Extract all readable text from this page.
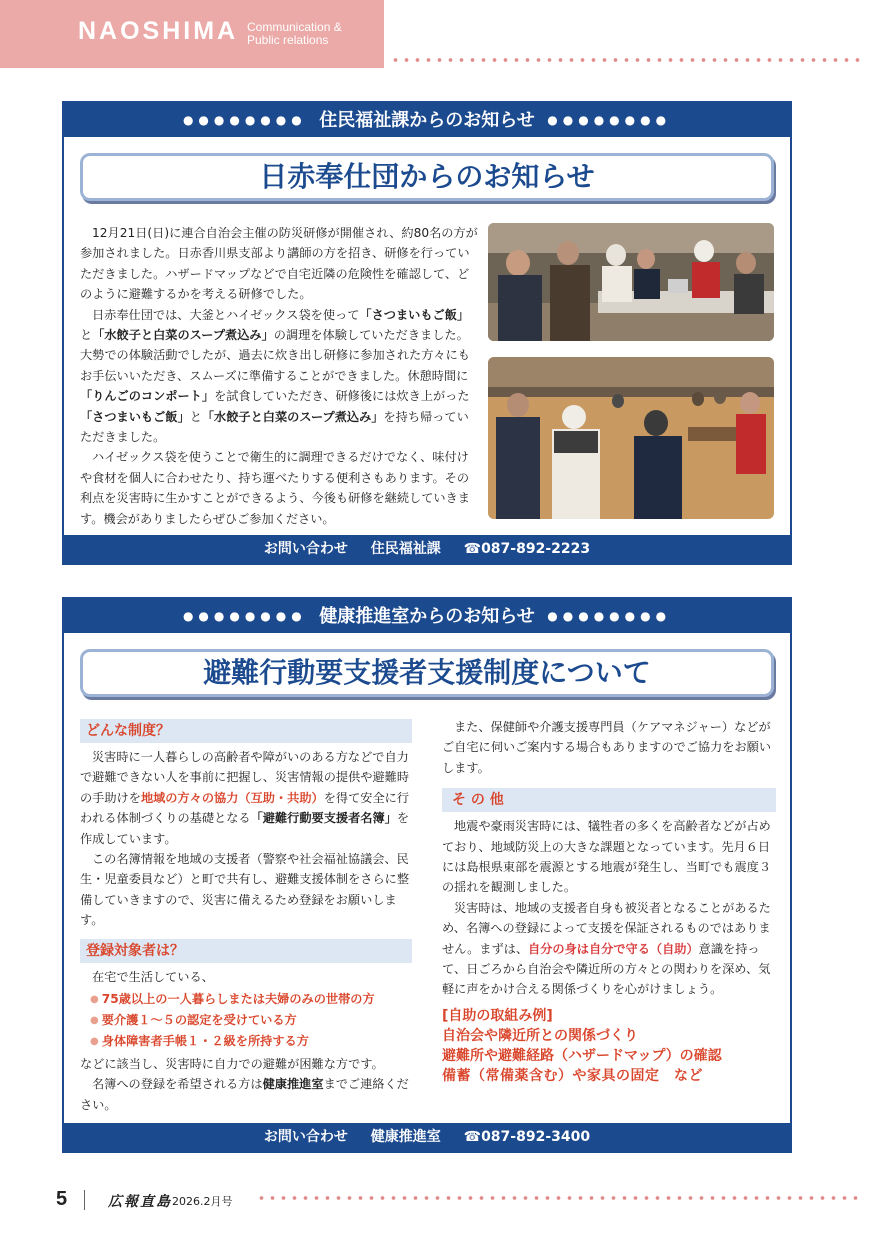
NAOSHIMA Communication &
Public relations
●●●●●●●● 住民福祉課からのお知らせ ●●●●●●●●
日赤奉仕団からのお知らせ

12月21日(日)に連合自治会主催の防災研修が開催され、約80名の方が参加されました。日赤香川県支部より講師の方を招き、研修を行っていただきました。ハザードマップなどで自宅近隣の危険性を確認して、どのように避難するかを考える研修でした。

日赤奉仕団では、大釜とハイゼックス袋を使って「さつまいもご飯」と「水餃子と白菜のスープ煮込み」の調理を体験していただきました。大勢での体験活動でしたが、過去に炊き出し研修に参加された方々にもお手伝いいただき、スムーズに準備することができました。休憩時間に「りんごのコンポート」を試食していただき、研修後には炊き上がった「さつまいもご飯」と「水餃子と白菜のスープ煮込み」を持ち帰っていただきました。

ハイゼックス袋を使うことで衛生的に調理できるだけでなく、味付けや食材を個人に合わせたり、持ち運べたりする便利さもあります。その利点を災害時に生かすことができるよう、今後も研修を継続していきます。機会がありましたらぜひご参加ください。

お問い合わせ 住民福祉課 ☎087-892-2223
●●●●●●●● 健康推進室からのお知らせ ●●●●●●●●
避難行動要支援者支援制度について
どんな制度？

災害時に一人暮らしの高齢者や障がいのある方などで自力で避難できない人を事前に把握し、災害情報の提供や避難時の手助けを地域の方々の協力（互助・共助）を得て安全に行われる体制づくりの基礎となる「避難行動要支援者名簿」を作成しています。

この名簿情報を地域の支援者（警察や社会福祉協議会、民生・児童委員など）と町で共有し、避難支援体制をさらに整備していきますので、災害に備えるため登録をお願いします。

登録対象者は？

在宅で生活している、

● 75歳以上の一人暮らしまたは夫婦のみの世帯の方
● 要介護１～５の認定を受けている方
● 身体障害者手帳１・２級を所持する方
などに該当し、災害時に自力での避難が困難な方です。

名簿への登録を希望される方は健康推進室までご連絡ください。

また、保健師や介護支援専門員（ケアマネジャー）などがご自宅に伺いご案内する場合もありますのでご協力をお願いします。

そ の 他

地震や豪雨災害時には、犠牲者の多くを高齢者などが占めており、地域防災上の大きな課題となっています。先月６日には島根県東部を震源とする地震が発生し、当町でも震度３の揺れを観測しました。

災害時は、地域の支援者自身も被災者となることがあるため、名簿への登録によって支援を保証されるものではありません。まずは、自分の身は自分で守る（自助）意識を持って、日ごろから自治会や隣近所の方々との関わりを深め、気軽に声をかけ合える関係づくりを心がけましょう。

[自助の取組み例]
自治会や隣近所との関係づくり
避難所や避難経路（ハザードマップ）の確認
備蓄（常備薬含む）や家具の固定　など
お問い合わせ 健康推進室 ☎087-892-3400
5	広報直島 2026.2月号
